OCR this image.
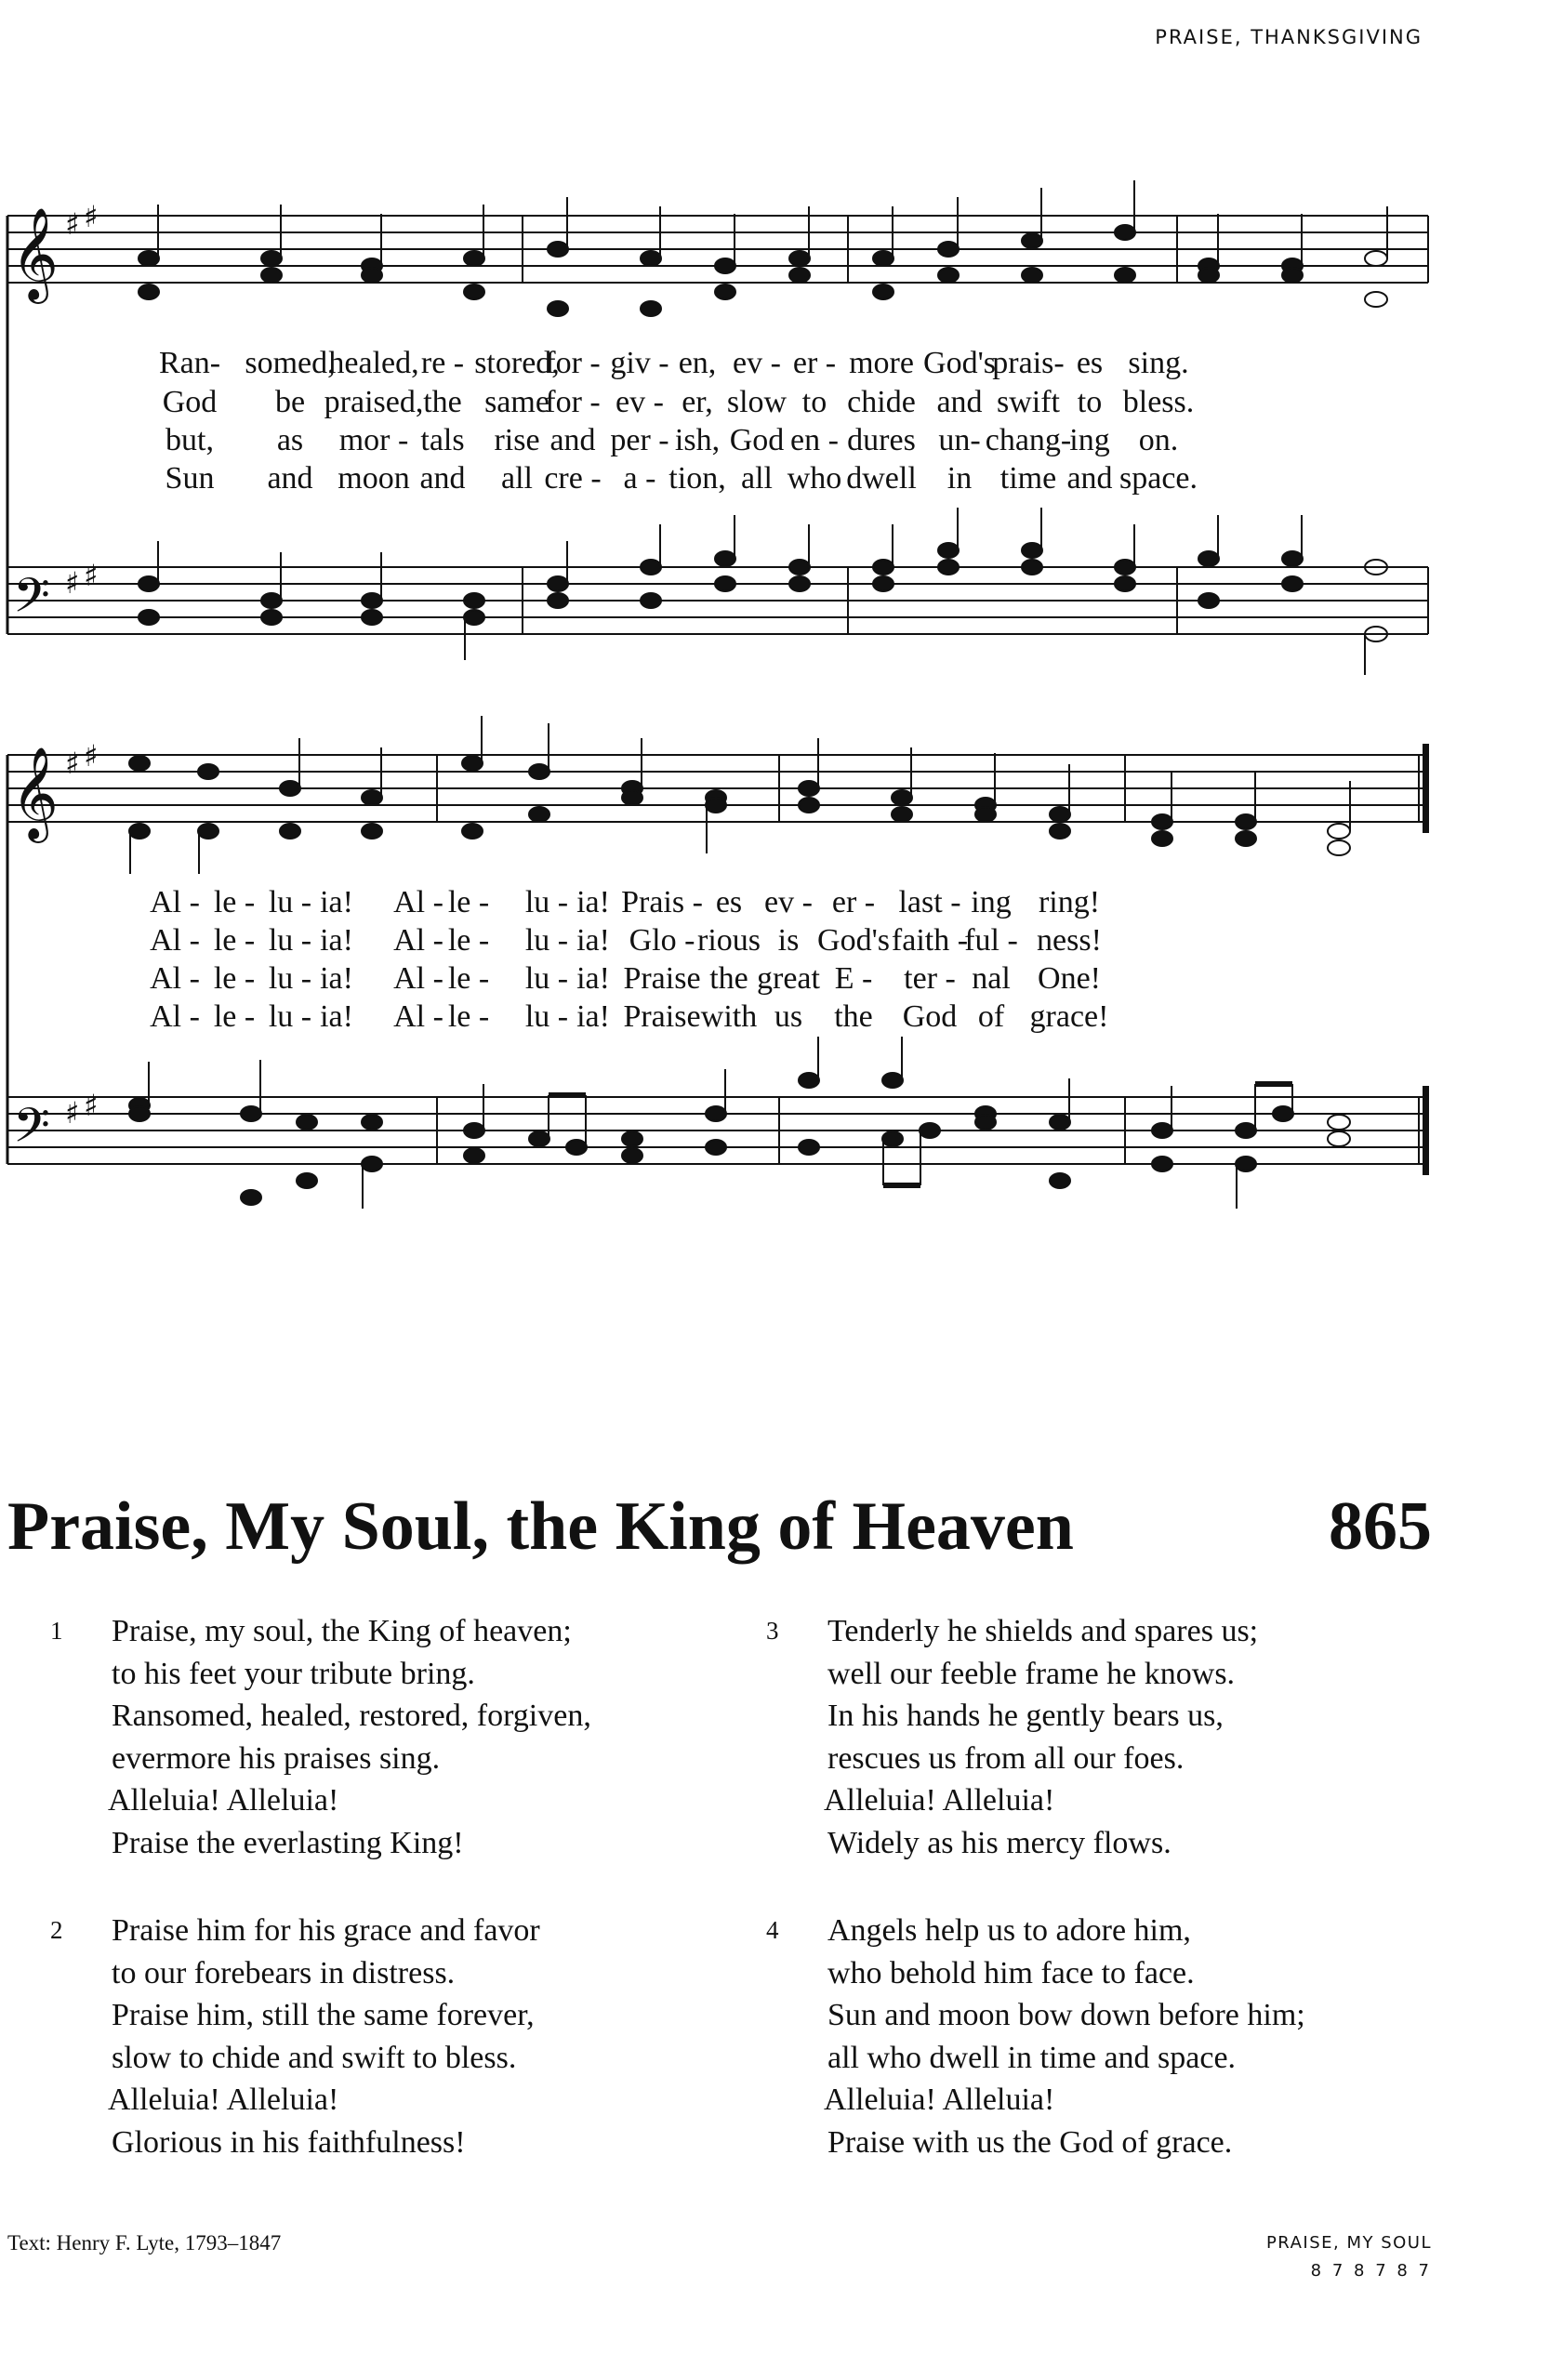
PRAISE, THANKSGIVING
𝄞
𝄢
♯ ♯
♯ ♯
Ran- somed,
healed, re - stored,
for - giv - en, ev - er - more God's
prais- es sing.
God be praised, the same
for - ev - er, slow to chide and swift to bless.
but, as mor - tals rise and per - ish, God en - dures un- chang-
ing on.
Sun and moon and all cre - a - tion, all who dwell in time and space.
𝄞
𝄢
♯ ♯
♯ ♯
Al - le - lu - ia! Al - le - lu - ia! Prais - es ev - er - last - ing ring!
Al - le - lu - ia! Al - le - lu - ia! Glo - rious is God's faith -
ful - ness!
Al - le - lu - ia! Al - le - lu - ia! Praise the great E - ter - nal One!
Al - le - lu - ia! Al - le - lu - ia! Praise with us the God of grace!
Praise, My Soul, the King of Heaven	865
1 Praise, my soul, the King of heaven;
to his feet your tribute bring.
Ransomed, healed, restored, forgiven,
evermore his praises sing.
Alleluia! Alleluia!
Praise the everlasting King!
2 Praise him for his grace and favor
to our forebears in distress.
Praise him, still the same forever,
slow to chide and swift to bless.
Alleluia! Alleluia!
Glorious in his faithfulness!
3 Tenderly he shields and spares us;
well our feeble frame he knows.
In his hands he gently bears us,
rescues us from all our foes.
Alleluia! Alleluia!
Widely as his mercy flows.
4 Angels help us to adore him,
who behold him face to face.
Sun and moon bow down before him;
all who dwell in time and space.
Alleluia! Alleluia!
Praise with us the God of grace.
Text: Henry F. Lyte, 1793–1847	PRAISE, MY SOUL
8 7 8 7 8 7
